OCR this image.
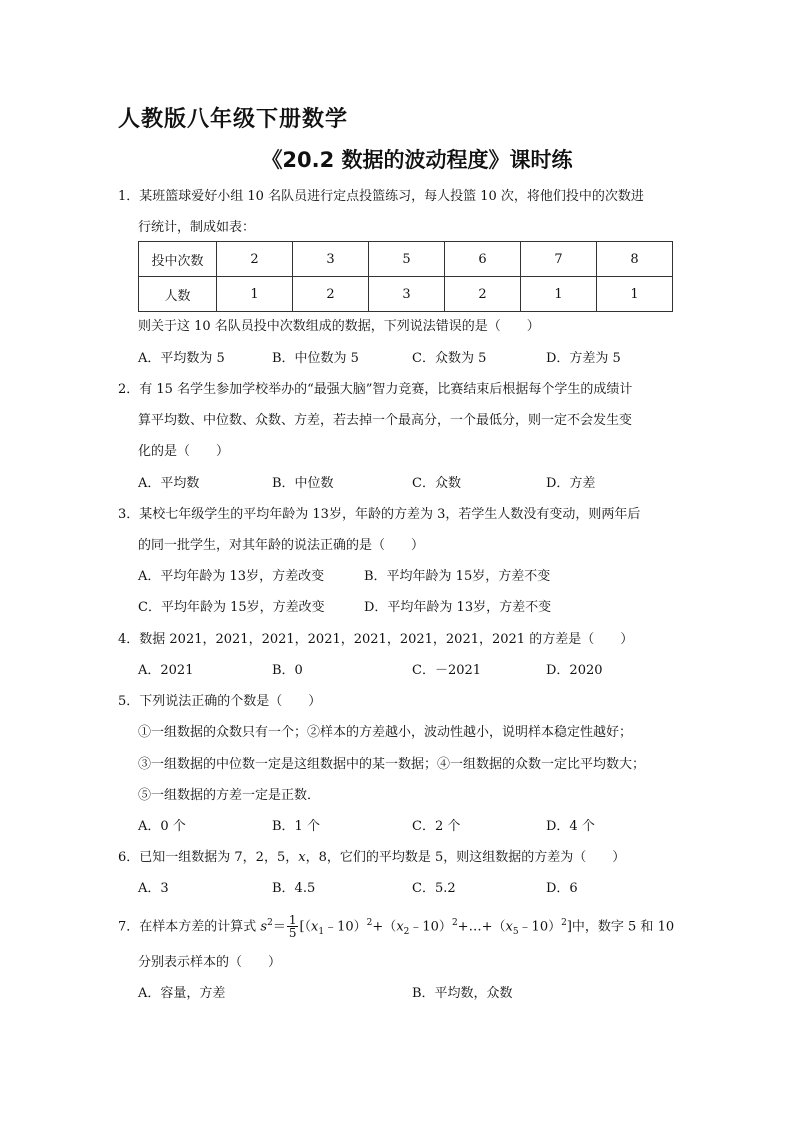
人教版八年级下册数学
《20.2 数据的波动程度》课时练
1．某班篮球爱好小组 10 名队员进行定点投篮练习，每人投篮 10 次，将他们投中的次数进
行统计，制成如表：
投中次数	2	3	5	6	7	8
人数	1	2	3	2	1	1
则关于这 10 名队员投中次数组成的数据，下列说法错误的是（　　）
A．平均数为 5	B．中位数为 5	C．众数为 5	D．方差为 5
2．有 15 名学生参加学校举办的“最强大脑”智力竞赛，比赛结束后根据每个学生的成绩计
算平均数、中位数、众数、方差，若去掉一个最高分，一个最低分，则一定不会发生变
化的是（　　）
A．平均数	B．中位数	C．众数	D．方差
3．某校七年级学生的平均年龄为 13岁，年龄的方差为 3，若学生人数没有变动，则两年后
的同一批学生，对其年龄的说法正确的是（　　）
A．平均年龄为 13岁，方差改变	B．平均年龄为 15岁，方差不变
C．平均年龄为 15岁，方差改变	D．平均年龄为 13岁，方差不变
4．数据 2021，2021，2021，2021，2021，2021，2021，2021 的方差是（　　）
A．2021	B．0	C．－2021	D．2020
5．下列说法正确的个数是（　　）
①一组数据的众数只有一个；②样本的方差越小，波动性越小，说明样本稳定性越好；
③一组数据的中位数一定是这组数据中的某一数据；④一组数据的众数一定比平均数大；
⑤一组数据的方差一定是正数．
A．0 个	B．1 个	C．2 个	D．4 个
6．已知一组数据为 7，2，5，x，8，它们的平均数是 5，则这组数据的方差为（　　）
A．3	B．4.5	C．5.2	D．6
7．在样本方差的计算式 $s^2= \frac{1}{5}$ $[(x_1﹣10)^2+(x_2﹣10)^2+\dots+(x_5﹣10)^2]$中，数字 5 和 10
分别表示样本的（　　）
A．容量，方差	B．平均数，众数
